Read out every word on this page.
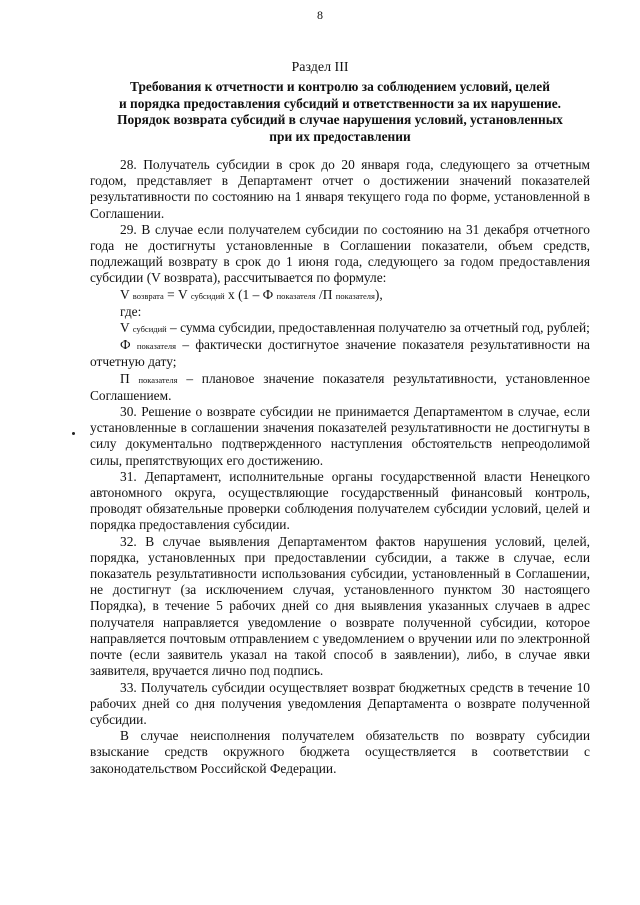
8
Раздел III
Требования к отчетности и контролю за соблюдением условий, целей
и порядка предоставления субсидий и ответственности за их нарушение.
Порядок возврата субсидий в случае нарушения условий, установленных
при их предоставлении
28. Получатель субсидии в срок до 20 января года, следующего за отчетным годом, представляет в Департамент отчет о достижении значений показателей результативности по состоянию на 1 января текущего года по форме, установленной в Соглашении.
29. В случае если получателем субсидии по состоянию на 31 декабря отчетного года не достигнуты установленные в Соглашении показатели, объем средств, подлежащий возврату в срок до 1 июня года, следующего за годом предоставления субсидии (V возврата), рассчитывается по формуле:
V возврата = V субсидий x (1 – Ф показателя /П показателя),
где:
V субсидий – сумма субсидии, предоставленная получателю за отчетный год, рублей;
Ф показателя – фактически достигнутое значение показателя результативности на отчетную дату;
П показателя – плановое значение показателя результативности, установленное Соглашением.
30. Решение о возврате субсидии не принимается Департаментом в случае, если установленные в соглашении значения показателей результативности не достигнуты в силу документально подтвержденного наступления обстоятельств непреодолимой силы, препятствующих его достижению.
31. Департамент, исполнительные органы государственной власти Ненецкого автономного округа, осуществляющие государственный финансовый контроль, проводят обязательные проверки соблюдения получателем субсидии условий, целей и порядка предоставления субсидии.
32. В случае выявления Департаментом фактов нарушения условий, целей, порядка, установленных при предоставлении субсидии, а также в случае, если показатель результативности использования субсидии, установленный в Соглашении, не достигнут (за исключением случая, установленного пунктом 30 настоящего Порядка), в течение 5 рабочих дней со дня выявления указанных случаев в адрес получателя направляется уведомление о возврате полученной субсидии, которое направляется почтовым отправлением с уведомлением о вручении или по электронной почте (если заявитель указал на такой способ в заявлении), либо, в случае явки заявителя, вручается лично под подпись.
33. Получатель субсидии осуществляет возврат бюджетных средств в течение 10 рабочих дней со дня получения уведомления Департамента о возврате полученной субсидии.
В случае неисполнения получателем обязательств по возврату субсидии взыскание средств окружного бюджета осуществляется в соответствии с законодательством Российской Федерации.
